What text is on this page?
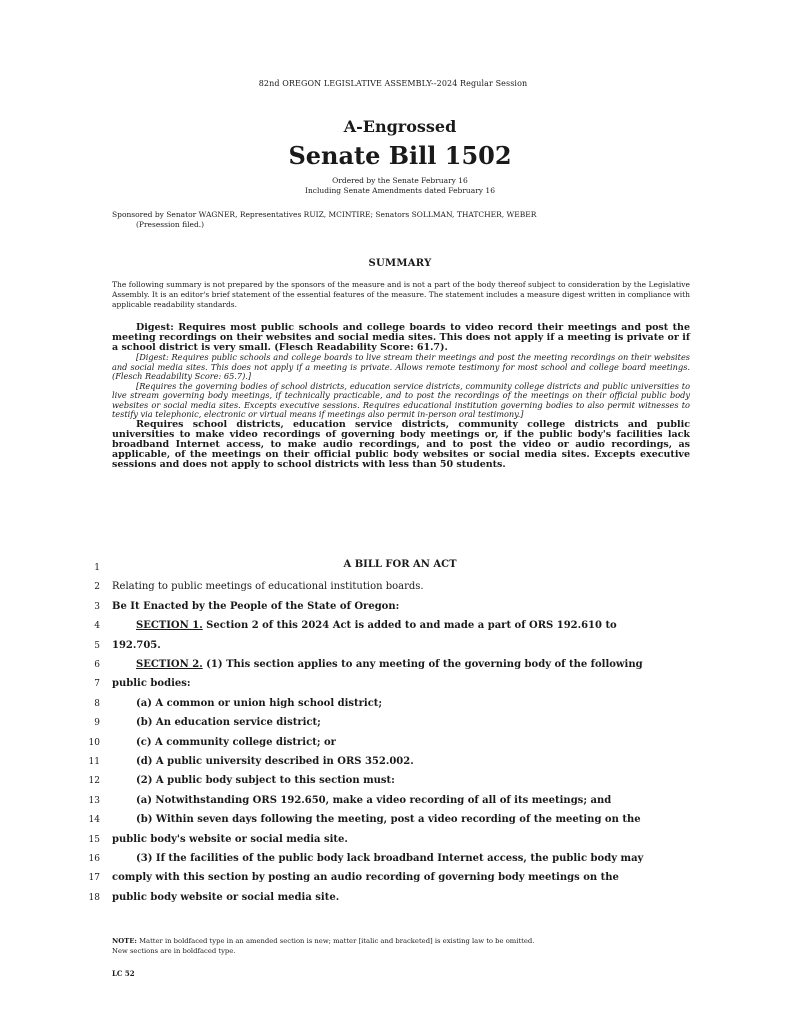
82nd OREGON LEGISLATIVE ASSEMBLY--2024 Regular Session
A-Engrossed
Senate Bill 1502
Ordered by the Senate February 16
Including Senate Amendments dated February 16
Sponsored by Senator WAGNER, Representatives RUIZ, MCINTIRE; Senators SOLLMAN, THATCHER, WEBER
(Presession filed.)
SUMMARY
The following summary is not prepared by the sponsors of the measure and is not a part of the body thereof subject to consideration by the Legislative Assembly. It is an editor's brief statement of the essential features of the measure. The statement includes a measure digest written in compliance with applicable readability standards.
Digest: Requires most public schools and college boards to video record their meetings and post the meeting recordings on their websites and social media sites. This does not apply if a meeting is private or if a school district is very small. (Flesch Readability Score: 61.7).
[Digest: Requires public schools and college boards to live stream their meetings and post the meeting recordings on their websites and social media sites. This does not apply if a meeting is private. Allows remote testimony for most school and college board meetings. (Flesch Readability Score: 65.7).]
[Requires the governing bodies of school districts, education service districts, community college districts and public universities to live stream governing body meetings, if technically practicable, and to post the recordings of the meetings on their official public body websites or social media sites. Excepts executive sessions. Requires educational institution governing bodies to also permit witnesses to testify via telephonic, electronic or virtual means if meetings also permit in-person oral testimony.]
Requires school districts, education service districts, community college districts and public universities to make video recordings of governing body meetings or, if the public body's facilities lack broadband Internet access, to make audio recordings, and to post the video or audio recordings, as applicable, of the meetings on their official public body websites or social media sites. Excepts executive sessions and does not apply to school districts with less than 50 students.
A BILL FOR AN ACT
1
2 Relating to public meetings of educational institution boards.
3 Be It Enacted by the People of the State of Oregon:
4	SECTION 1. Section 2 of this 2024 Act is added to and made a part of ORS 192.610 to
5 192.705.
6	SECTION 2. (1) This section applies to any meeting of the governing body of the following
7 public bodies:
8	(a) A common or union high school district;
9	(b) An education service district;
10	(c) A community college district; or
11	(d) A public university described in ORS 352.002.
12	(2) A public body subject to this section must:
13	(a) Notwithstanding ORS 192.650, make a video recording of all of its meetings; and
14	(b) Within seven days following the meeting, post a video recording of the meeting on the
15 public body's website or social media site.
16	(3) If the facilities of the public body lack broadband Internet access, the public body may
17 comply with this section by posting an audio recording of governing body meetings on the
18 public body website or social media site.
NOTE: Matter in boldfaced type in an amended section is new; matter [italic and bracketed] is existing law to be omitted.
New sections are in boldfaced type.
LC 52
